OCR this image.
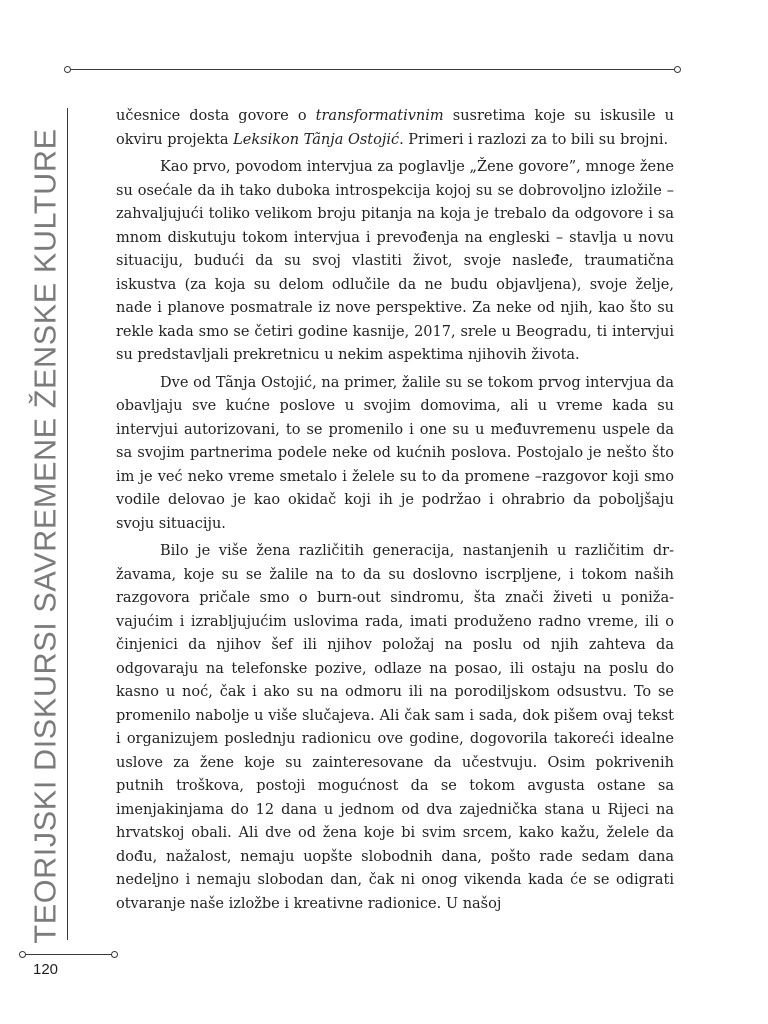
TEORIJSKI DISKURSI SAVREMENE ŽENSKE KULTURE
120

učesnice dosta govore o transformativnim susretima koje su iskusile u okviru projekta Leksikon Tãnja Ostojić. Primeri i razlozi za to bili su brojni.

Kao prvo, povodom intervjua za poglavlje „Žene govore”, mnoge žene su osećale da ih tako duboka introspekcija kojoj su se dobrovoljno izložile – zahvaljujući toliko velikom broju pitanja na koja je trebalo da odgovore i sa mnom diskutuju tokom intervjua i prevođenja na engleski – stavlja u novu situaciju, budući da su svoj vlastiti život, svoje nasleđe, traumatična iskustva (za koja su delom odlučile da ne budu objavljena), svoje želje, nade i planove posmatrale iz nove perspektive. Za neke od njih, kao što su rekle kada smo se četiri godine kasnije, 2017, srele u Beogradu, ti intervjui su predstavljali prekretnicu u nekim aspektima njihovih života.

Dve od Tãnja Ostojić, na primer, žalile su se tokom prvog intervjua da obavljaju sve kućne poslove u svojim domovima, ali u vreme kada su intervjui autorizovani, to se promenilo i one su u međuvremenu uspele da sa svojim partnerima podele neke od kućnih poslova. Postojalo je nešto što im je već neko vreme smetalo i želele su to da promene –razgovor koji smo vodile delovao je kao okidač koji ih je podržao i ohrabrio da poboljšaju svoju situaciju.

Bilo je više žena različitih generacija, nastanjenih u različitim državama, koje su se žalile na to da su doslovno iscrpljene, i tokom naših razgovora pričale smo o burn-out sindromu, šta znači živeti u ponižavajućim i izrabljujućim uslovima rada, imati produženo radno vreme, ili o činjenici da njihov šef ili njihov položaj na poslu od njih zahteva da odgovaraju na telefonske pozive, odlaze na posao, ili ostaju na poslu do kasno u noć, čak i ako su na odmoru ili na porodiljskom odsustvu. To se promenilo nabolje u više slučajeva. Ali čak sam i sada, dok pišem ovaj tekst i organizujem poslednju radionicu ove godine, dogovorila takoreći idealne uslove za žene koje su zainteresovane da učestvuju. Osim pokrivenih putnih troškova, postoji mogućnost da se tokom avgusta ostane sa imenjakinjama do 12 dana u jednom od dva zajednička stana u Rijeci na hrvatskoj obali. Ali dve od žena koje bi svim srcem, kako kažu, želele da dođu, nažalost, nemaju uopšte slobodnih dana, pošto rade sedam dana nedeljno i nemaju slobodan dan, čak ni onog vikenda kada će se odigrati otvaranje naše izložbe i kreativne radionice. U našoj
